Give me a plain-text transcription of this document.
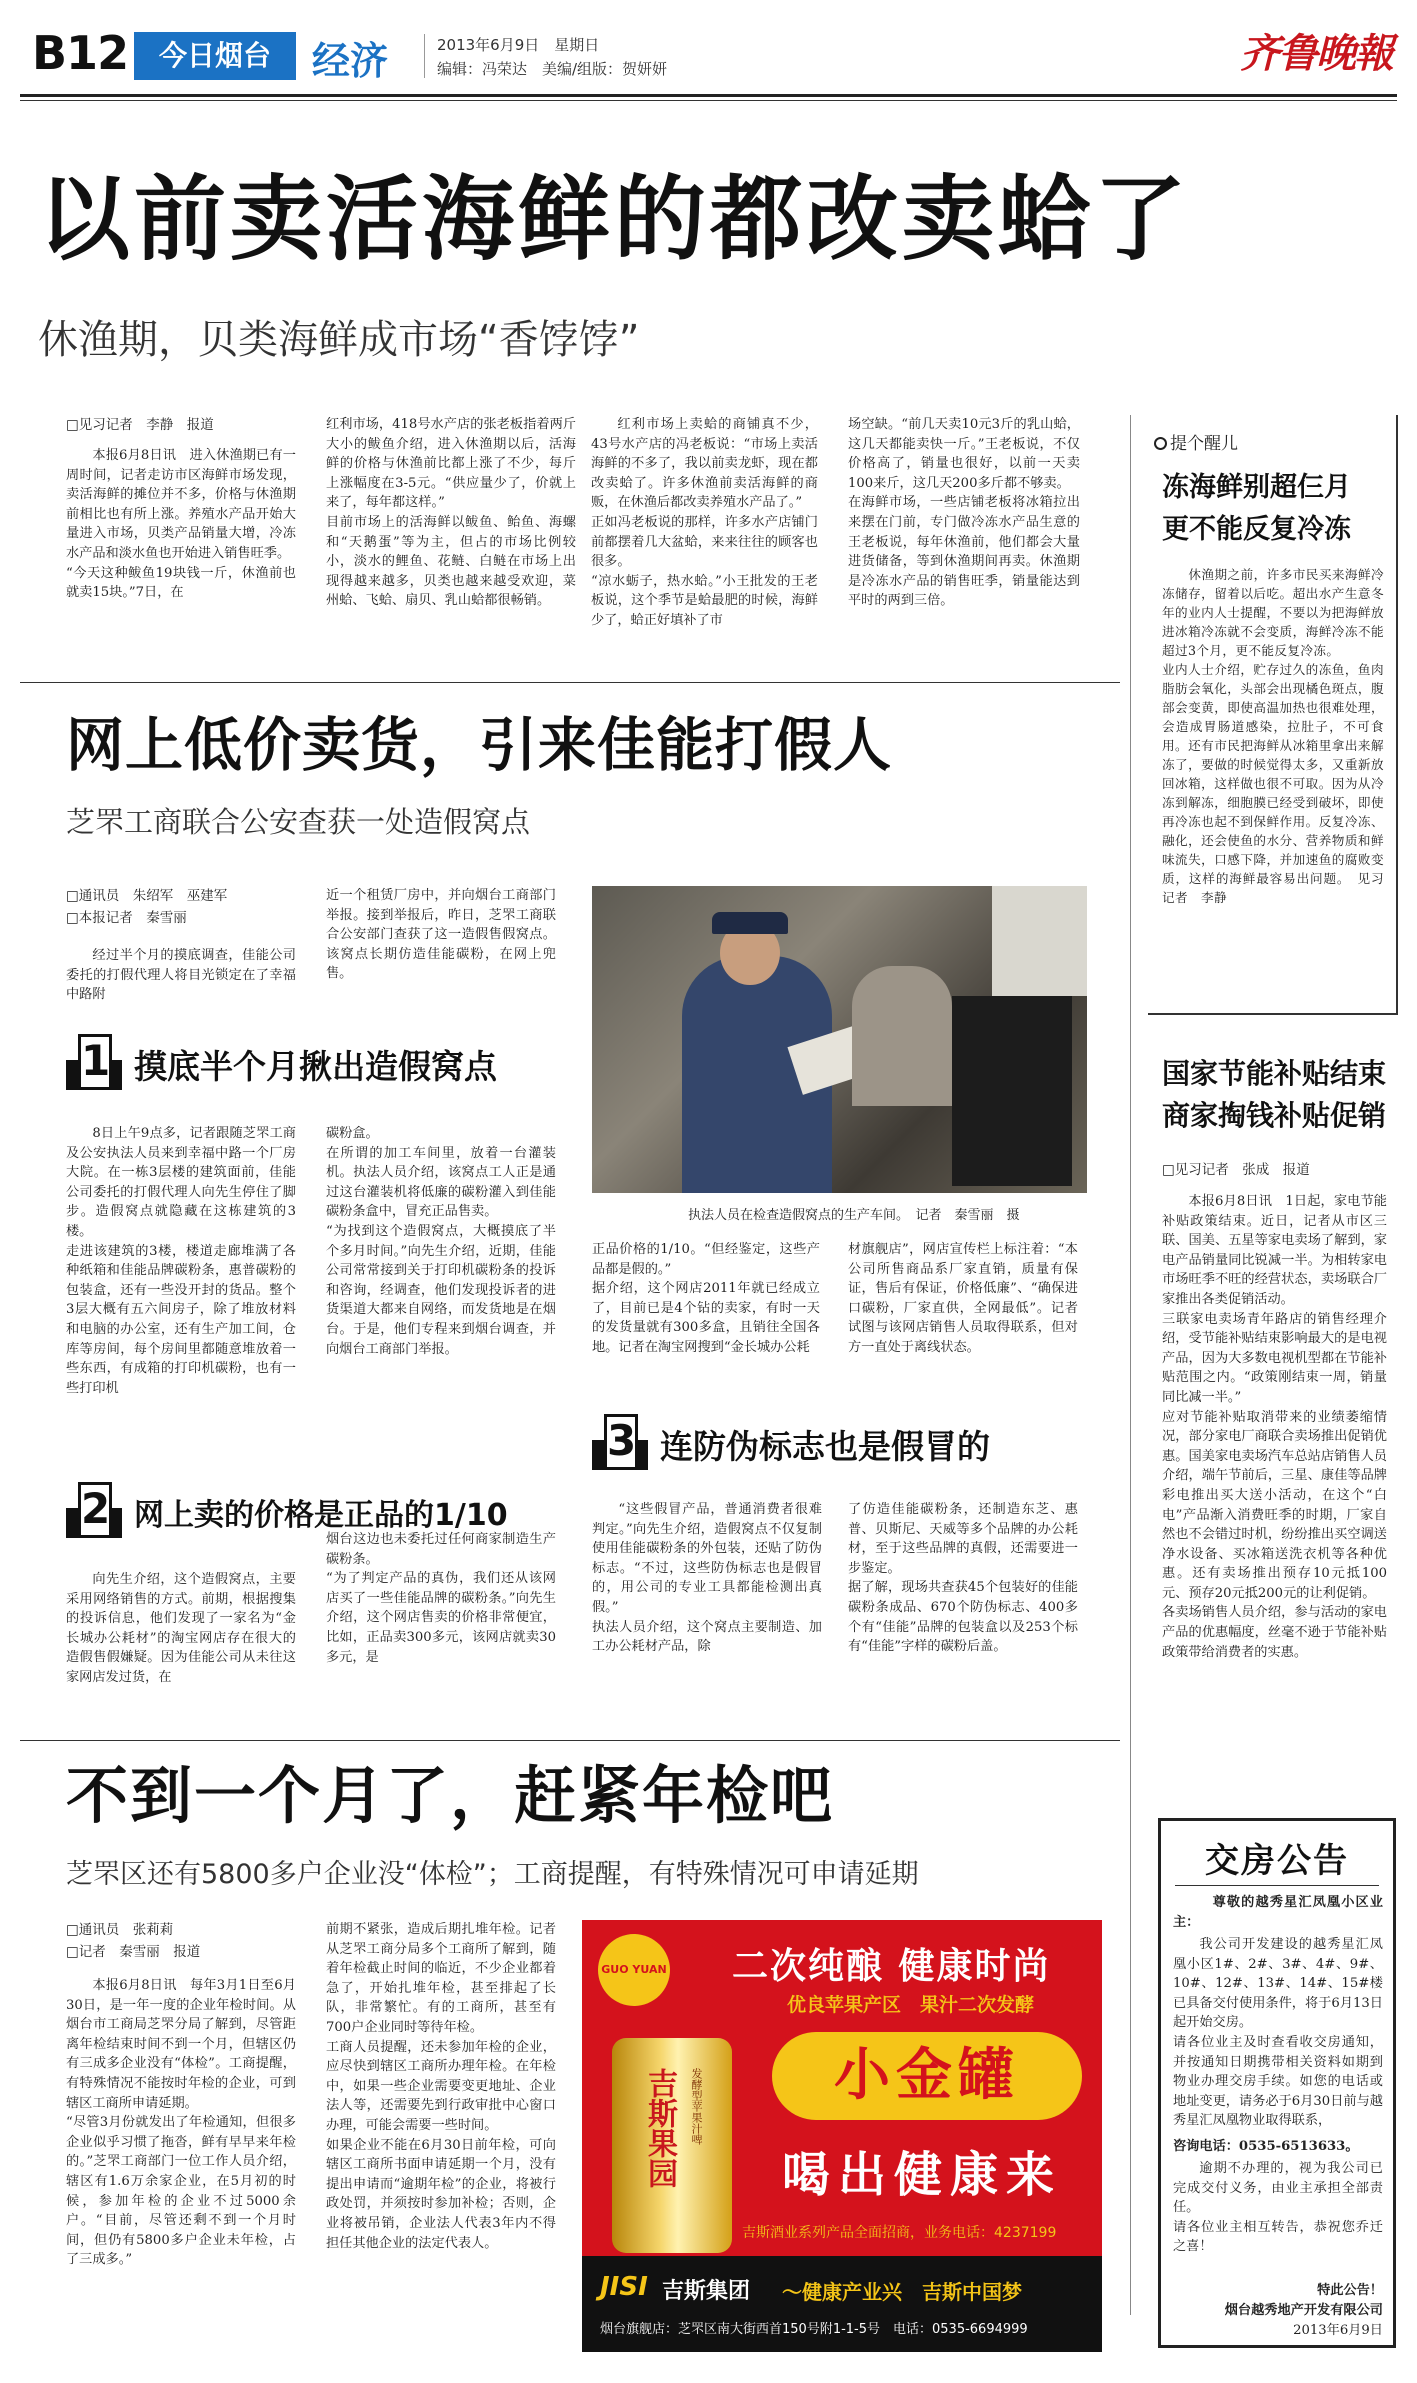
B12	今日烟台	经济	2013年6月9日　星期日
编辑：冯荣达　美编/组版：贺妍妍	齐鲁晚報
以前卖活海鲜的都改卖蛤了
休渔期，贝类海鲜成市场“香饽饽”
□见习记者　李静　报道

本报6月8日讯　进入休渔期已有一周时间，记者走访市区海鲜市场发现，卖活海鲜的摊位并不多，价格与休渔期前相比也有所上涨。养殖水产品开始大量进入市场，贝类产品销量大增，冷冻水产品和淡水鱼也开始进入销售旺季。
“今天这种鲅鱼19块钱一斤，休渔前也就卖15块。”7日，在

红利市场，418号水产店的张老板指着两斤大小的鲅鱼介绍，进入休渔期以后，活海鲜的价格与休渔前比都上涨了不少，每斤上涨幅度在3-5元。“供应量少了，价就上来了，每年都这样。”
目前市场上的活海鲜以鲅鱼、鲐鱼、海螺和“天鹅蛋”等为主，但占的市场比例较小，淡水的鲤鱼、花鲢、白鲢在市场上出现得越来越多，贝类也越来越受欢迎，菜州蛤、飞蛤、扇贝、乳山蛤都很畅销。

红利市场上卖蛤的商铺真不少，43号水产店的冯老板说：“市场上卖活海鲜的不多了，我以前卖龙虾，现在都改卖蛤了。许多休渔前卖活海鲜的商贩，在休渔后都改卖养殖水产品了。”
正如冯老板说的那样，许多水产店铺门前都摆着几大盆蛤，来来往往的顾客也很多。
“凉水蛎子，热水蛤。”小王批发的王老板说，这个季节是蛤最肥的时候，海鲜少了，蛤正好填补了市

场空缺。“前几天卖10元3斤的乳山蛤，这几天都能卖快一斤。”王老板说，不仅价格高了，销量也很好，以前一天卖100来斤，这几天200多斤都不够卖。
在海鲜市场，一些店铺老板将冰箱拉出来摆在门前，专门做冷冻水产品生意的王老板说，每年休渔前，他们都会大量进货储备，等到休渔期间再卖。休渔期是冷冻水产品的销售旺季，销量能达到平时的两到三倍。

提个醒儿
冻海鲜别超仨月
更不能反复冷冻

休渔期之前，许多市民买来海鲜冷冻储存，留着以后吃。超出水产生意冬年的业内人士提醒，不要以为把海鲜放进冰箱冷冻就不会变质，海鲜冷冻不能超过3个月，更不能反复冷冻。
业内人士介绍，贮存过久的冻鱼，鱼肉脂肪会氧化，头部会出现橘色斑点，腹部会变黄，即使高温加热也很难处理，会造成胃肠道感染，拉肚子，不可食用。还有市民把海鲜从冰箱里拿出来解冻了，要做的时候觉得太多，又重新放回冰箱，这样做也很不可取。因为从冷冻到解冻，细胞膜已经受到破坏，即使再冷冻也起不到保鲜作用。反复冷冻、融化，还会使鱼的水分、营养物质和鲜味流失，口感下降，并加速鱼的腐败变质，这样的海鲜最容易出问题。　见习记者　李静

网上低价卖货，引来佳能打假人
芝罘工商联合公安查获一处造假窝点
□通讯员　朱绍军　巫建军
□本报记者　秦雪丽

经过半个月的摸底调查，佳能公司委托的打假代理人将目光锁定在了幸福中路附

近一个租赁厂房中，并向烟台工商部门举报。接到举报后，昨日，芝罘工商联合公安部门查获了这一造假售假窝点。该窝点长期仿造佳能碳粉，在网上兜售。

执法人员在检查造假窝点的生产车间。　记者　秦雪丽　摄
1 摸底半个月揪出造假窝点

8日上午9点多，记者跟随芝罘工商及公安执法人员来到幸福中路一个厂房大院。在一栋3层楼的建筑面前，佳能公司委托的打假代理人向先生停住了脚步。造假窝点就隐藏在这栋建筑的3楼。
走进该建筑的3楼，楼道走廊堆满了各种纸箱和佳能品牌碳粉条，惠普碳粉的包装盒，还有一些没开封的货品。整个3层大概有五六间房子，除了堆放材料和电脑的办公室，还有生产加工间，仓库等房间，每个房间里都随意堆放着一些东西，有成箱的打印机碳粉，也有一些打印机

碳粉盒。
在所谓的加工车间里，放着一台灌装机。执法人员介绍，该窝点工人正是通过这台灌装机将低廉的碳粉灌入到佳能碳粉条盒中，冒充正品售卖。
“为找到这个造假窝点，大概摸底了半个多月时间。”向先生介绍，近期，佳能公司常常接到关于打印机碳粉条的投诉和咨询，经调查，他们发现投诉者的进货渠道大都来自网络，而发货地是在烟台。于是，他们专程来到烟台调查，并向烟台工商部门举报。

正品价格的1/10。“但经鉴定，这些产品都是假的。”
据介绍，这个网店2011年就已经成立了，目前已是4个钻的卖家，有时一天的发货量就有300多盒，且销往全国各地。记者在淘宝网搜到“金长城办公耗

材旗舰店”，网店宣传栏上标注着：“本公司所售商品系厂家直销，质量有保证，售后有保证，价格低廉”、“确保进口碳粉，厂家直供，全网最低”。记者试图与该网店销售人员取得联系，但对方一直处于离线状态。

2 网上卖的价格是正品的1/10

向先生介绍，这个造假窝点，主要采用网络销售的方式。前期，根据搜集的投诉信息，他们发现了一家名为“金长城办公耗材”的淘宝网店存在很大的造假售假嫌疑。因为佳能公司从未往这家网店发过货，在

烟台这边也未委托过任何商家制造生产碳粉条。
“为了判定产品的真伪，我们还从该网店买了一些佳能品牌的碳粉条。”向先生介绍，这个网店售卖的价格非常便宜，比如，正品卖300多元，该网店就卖30多元，是

3 连防伪标志也是假冒的

“这些假冒产品，普通消费者很难判定。”向先生介绍，造假窝点不仅复制使用佳能碳粉条的外包装，还贴了防伪标志。“不过，这些防伪标志也是假冒的，用公司的专业工具都能检测出真假。”
执法人员介绍，这个窝点主要制造、加工办公耗材产品，除

了仿造佳能碳粉条，还制造东芝、惠普、贝斯尼、天威等多个品牌的办公耗材，至于这些品牌的真假，还需要进一步鉴定。
据了解，现场共查获45个包装好的佳能碳粉条成品、670个防伪标志、400多个有“佳能”品牌的包装盒以及253个标有“佳能”字样的碳粉后盖。

不到一个月了，赶紧年检吧
芝罘区还有5800多户企业没“体检”；工商提醒，有特殊情况可申请延期
□通讯员　张莉莉
□记者　秦雪丽　报道

本报6月8日讯　每年3月1日至6月30日，是一年一度的企业年检时间。从烟台市工商局芝罘分局了解到，尽管距离年检结束时间不到一个月，但辖区仍有三成多企业没有“体检”。工商提醒，有特殊情况不能按时年检的企业，可到辖区工商所申请延期。
“尽管3月份就发出了年检通知，但很多企业似乎习惯了拖沓，鲜有早早来年检的。”芝罘工商部门一位工作人员介绍，辖区有1.6万余家企业，在5月初的时候，参加年检的企业不过5000余户。“目前，尽管还剩不到一个月时间，但仍有5800多户企业未年检，占了三成多。”

前期不紧张，造成后期扎堆年检。记者从芝罘工商分局多个工商所了解到，随着年检截止时间的临近，不少企业都着急了，开始扎堆年检，甚至排起了长队，非常繁忙。有的工商所，甚至有700户企业同时等待年检。
工商人员提醒，还未参加年检的企业，应尽快到辖区工商所办理年检。在年检中，如果一些企业需要变更地址、企业法人等，还需要先到行政审批中心窗口办理，可能会需要一些时间。
如果企业不能在6月30日前年检，可向辖区工商所书面申请延期一个月，没有提出申请而“逾期年检”的企业，将被行政处罚，并须按时参加补检；否则，企业将被吊销，企业法人代表3年内不得担任其他企业的法定代表人。

GUO YUAN 二次纯酿 健康时尚
优良苹果产区　果汁二次发酵
吉斯果园 发酵型苹果汁啤	小金罐
喝出健康来
吉斯酒业系列产品全面招商，业务电话：4237199
JISI 吉斯集团 ～健康产业兴　吉斯中国梦
烟台旗舰店：芝罘区南大街西首150号附1-1-5号　电话：0535-6694999
国家节能补贴结束
商家掏钱补贴促销
□见习记者　张成　报道

本报6月8日讯　1日起，家电节能补贴政策结束。近日，记者从市区三联、国美、五星等家电卖场了解到，家电产品销量同比锐减一半。为相转家电市场旺季不旺的经营状态，卖场联合厂家推出各类促销活动。
三联家电卖场青年路店的销售经理介绍，受节能补贴结束影响最大的是电视产品，因为大多数电视机型都在节能补贴范围之内。“政策刚结束一周，销量同比减一半。”
应对节能补贴取消带来的业绩萎缩情况，部分家电厂商联合卖场推出促销优惠。国美家电卖场汽车总站店销售人员介绍，端午节前后，三星、康佳等品牌彩电推出买大送小活动，在这个“白电”产品渐入消费旺季的时期，厂家自然也不会错过时机，纷纷推出买空调送净水设备、买冰箱送洗衣机等各种优惠。还有卖场推出预存10元抵100元、预存20元抵200元的让利促销。
各卖场销售人员介绍，参与活动的家电产品的优惠幅度，丝毫不逊于节能补贴政策带给消费者的实惠。

交房公告
尊敬的越秀星汇凤凰小区业主：

我公司开发建设的越秀星汇凤凰小区1#、2#、3#、4#、9#、10#、12#、13#、14#、15#楼已具备交付使用条件，将于6月13日起开始交房。
请各位业主及时查看收交房通知，并按通知日期携带相关资料如期到物业办理交房手续。如您的电话或地址变更，请务必于6月30日前与越秀星汇凤凰物业取得联系，

咨询电话：0535-6513633。

逾期不办理的，视为我公司已完成交付义务，由业主承担全部责任。
请各位业主相互转告，恭祝您乔迁之喜！

特此公告！
烟台越秀地产开发有限公司
2013年6月9日
